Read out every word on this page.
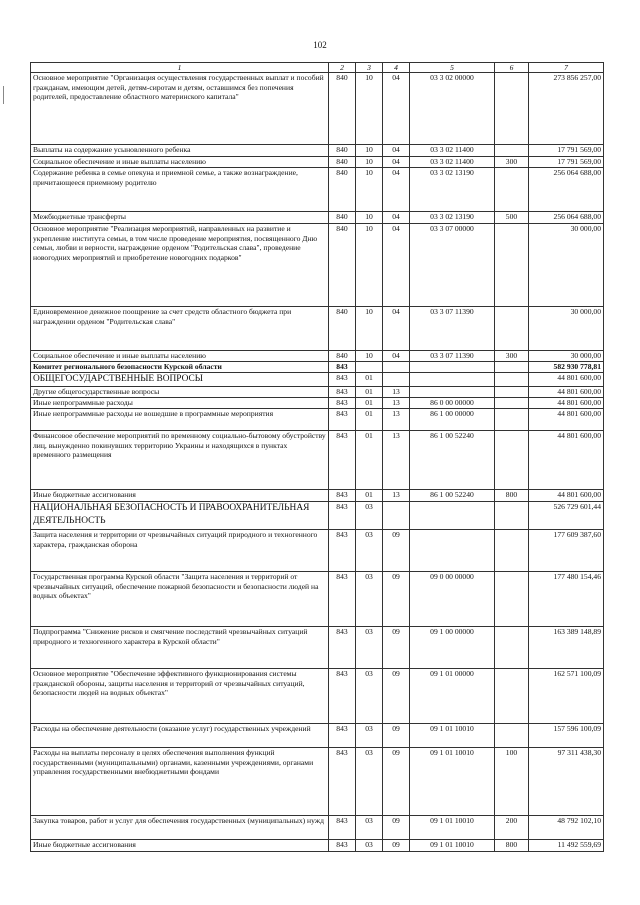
102
1	2	3	4	5	6	7
Основное мероприятие "Организация осуществления государственных выплат и пособий гражданам, имеющим детей, детям-сиротам и детям, оставшимся без попечения родителей, предоставление областного материнского капитала"	840	10	04	03 3 02 00000		273 856 257,00
Выплаты на содержание усыновленного ребенка	840	10	04	03 3 02 11400		17 791 569,00
Социальное обеспечение и иные выплаты населению	840	10	04	03 3 02 11400	300	17 791 569,00
Содержание ребенка в семье опекуна и приемной семье, а также вознаграждение, причитающееся приемному родителю	840	10	04	03 3 02 13190		256 064 688,00
Межбюджетные трансферты	840	10	04	03 3 02 13190	500	256 064 688,00
Основное мероприятие "Реализация мероприятий, направленных на развитие и укрепление института семьи, в том числе проведение мероприятия, посвященного Дню семьи, любви и верности, награждение орденом "Родительская слава", проведение новогодних мероприятий и приобретение новогодних подарков"	840	10	04	03 3 07 00000		30 000,00
Единовременное денежное поощрение за счет средств областного бюджета при награждении орденом "Родительская слава"	840	10	04	03 3 07 11390		30 000,00
Социальное обеспечение и иные выплаты населению	840	10	04	03 3 07 11390	300	30 000,00
Комитет регионального безопасности Курской области	843					582 930 778,81
ОБЩЕГОСУДАРСТВЕННЫЕ ВОПРОСЫ	843	01				44 801 600,00
Другие общегосударственные вопросы	843	01	13			44 801 600,00
Иные непрограммные расходы	843	01	13	86 0 00 00000		44 801 600,00
Иные непрограммные расходы не вошедшие в программные мероприятия	843	01	13	86 1 00 00000		44 801 600,00
Финансовое обеспечение мероприятий по временному социально-бытовому обустройству лиц, вынужденно покинувших территорию Украины и находящихся в пунктах временного размещения	843	01	13	86 1 00 52240		44 801 600,00
Иные бюджетные ассигнования	843	01	13	86 1 00 52240	800	44 801 600,00
НАЦИОНАЛЬНАЯ БЕЗОПАСНОСТЬ И ПРАВООХРАНИТЕЛЬНАЯ ДЕЯТЕЛЬНОСТЬ	843	03				526 729 601,44
Защита населения и территории от чрезвычайных ситуаций природного и техногенного характера, гражданская оборона	843	03	09			177 609 387,60
Государственная программа Курской области "Защита населения и территорий от чрезвычайных ситуаций, обеспечение пожарной безопасности и безопасности людей на водных объектах"	843	03	09	09 0 00 00000		177 480 154,46
Подпрограмма "Снижение рисков и смягчение последствий чрезвычайных ситуаций природного и техногенного характера в Курской области"	843	03	09	09 1 00 00000		163 389 148,89
Основное мероприятие "Обеспечение эффективного функционирования системы гражданской обороны, защиты населения и территорий от чрезвычайных ситуаций, безопасности людей на водных объектах"	843	03	09	09 1 01 00000		162 571 100,09
Расходы на обеспечение деятельности (оказание услуг) государственных учреждений	843	03	09	09 1 01 10010		157 596 100,09
Расходы на выплаты персоналу в целях обеспечения выполнения функций государственными (муниципальными) органами, казенными учреждениями, органами управления государственными внебюджетными фондами	843	03	09	09 1 01 10010	100	97 311 438,30
Закупка товаров, работ и услуг для обеспечения государственных (муниципальных) нужд	843	03	09	09 1 01 10010	200	48 792 102,10
Иные бюджетные ассигнования	843	03	09	09 1 01 10010	800	11 492 559,69
